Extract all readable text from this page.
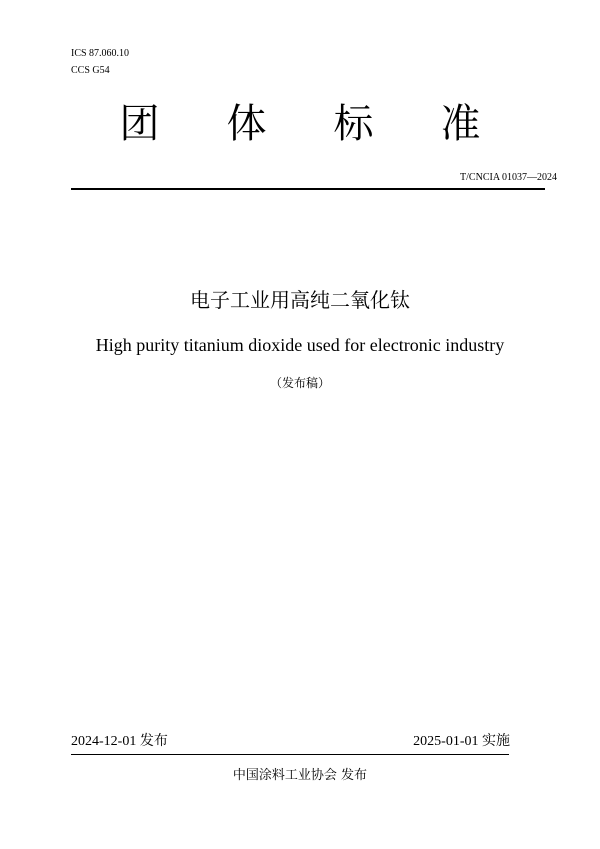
ICS 87.060.10
CCS G54
团体标准
T/CNCIA 01037—2024
电子工业用高纯二氧化钛
High purity titanium dioxide used for electronic industry
（发布稿）
2024-12-01 发布	2025-01-01 实施
中国涂料工业协会 发布
